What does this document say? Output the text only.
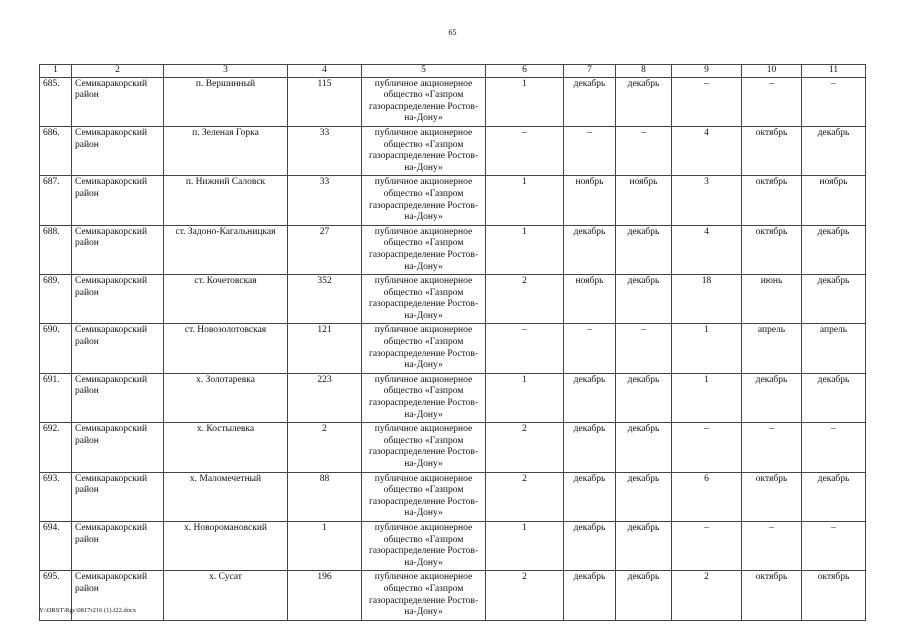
65
1	2	3	4	5	6	7	8	9	10	11
685.	Семикаракорский район	п. Вершинный	115	публичное акционерное общество «Газпром газораспределение Ростов-на-Дону»	1	декабрь	декабрь	–	–	–
686.	Семикаракорский район	п. Зеленая Горка	33	публичное акционерное общество «Газпром газораспределение Ростов-на-Дону»	–	–	–	4	октябрь	декабрь
687.	Семикаракорский район	п. Нижний Саловск	33	публичное акционерное общество «Газпром газораспределение Ростов-на-Дону»	1	ноябрь	ноябрь	3	октябрь	ноябрь
688.	Семикаракорский район	ст. Задоно-Кагальницкая	27	публичное акционерное общество «Газпром газораспределение Ростов-на-Дону»	1	декабрь	декабрь	4	октябрь	декабрь
689.	Семикаракорский район	ст. Кочетовская	352	публичное акционерное общество «Газпром газораспределение Ростов-на-Дону»	2	ноябрь	декабрь	18	июнь	декабрь
690.	Семикаракорский район	ст. Новозолотовская	121	публичное акционерное общество «Газпром газораспределение Ростов-на-Дону»	–	–	–	1	апрель	апрель
691.	Семикаракорский район	х. Золотаревка	223	публичное акционерное общество «Газпром газораспределение Ростов-на-Дону»	1	декабрь	декабрь	1	декабрь	декабрь
692.	Семикаракорский район	х. Костылевка	2	публичное акционерное общество «Газпром газораспределение Ростов-на-Дону»	2	декабрь	декабрь	–	–	–
693.	Семикаракорский район	х. Маломечетный	88	публичное акционерное общество «Газпром газораспределение Ростов-на-Дону»	2	декабрь	декабрь	6	октябрь	декабрь
694.	Семикаракорский район	х. Новоромановский	1	публичное акционерное общество «Газпром газораспределение Ростов-на-Дону»	1	декабрь	декабрь	–	–	–
695.	Семикаракорский район	х. Сусат	196	публичное акционерное общество «Газпром газораспределение Ростов-на-Дону»	2	декабрь	декабрь	2	октябрь	октябрь
Y:\ORST\Rgc\0817r216 (1).f22.docx
